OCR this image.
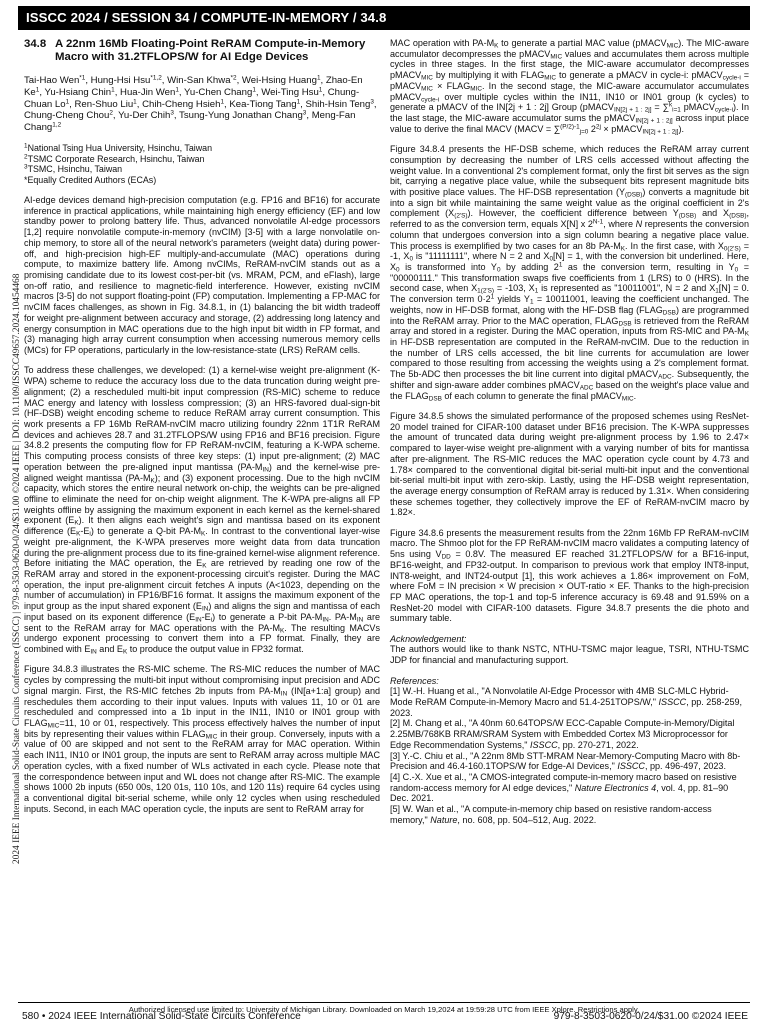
ISSCC 2024 / SESSION 34 / COMPUTE-IN-MEMORY / 34.8
2024 IEEE International Solid-State Circuits Conference (ISSCC) | 979-8-3503-0620-0/24/$31.00 ©2024 IEEE | DOI: 10.1109/ISSCC49657.2024.10454468
34.8 A 22nm 16Mb Floating-Point ReRAM Compute-in-Memory Macro with 31.2TFLOPS/W for AI Edge Devices
Tai-Hao Wen$^{*1}$, Hung-Hsi Hsu$^{*1,2}$, Win-San Khwa$^{*2}$, Wei-Hsing Huang$^1$, Zhao-En Ke$^1$, Yu-Hsiang Chin$^1$, Hua-Jin Wen$^1$, Yu-Chen Chang$^1$, Wei-Ting Hsu$^1$, Chung-Chuan Lo$^1$, Ren-Shuo Liu$^1$, Chih-Cheng Hsieh$^1$, Kea-Tiong Tang$^1$, Shih-Hsin Teng$^3$, Chung-Cheng Chou$^2$, Yu-Der Chih$^3$, Tsung-Yung Jonathan Chang$^3$, Meng-Fan Chang$^{1,2}$
$^1$National Tsing Hua University, Hsinchu, Taiwan
$^2$TSMC Corporate Research, Hsinchu, Taiwan
$^3$TSMC, Hsinchu, Taiwan
*Equally Credited Authors (ECAs)

AI-edge devices demand high-precision computation (e.g. FP16 and BF16) for accurate inference in practical applications, while maintaining high energy efficiency (EF) and low standby power to prolong battery life. Thus, advanced nonvolatile AI-edge processors [1,2] require nonvolatile compute-in-memory (nvCIM) [3-5] with a large nonvolatile on-chip memory, to store all of the neural network's parameters (weight data) during power-off, and high-precision high-EF multiply-and-accumulate (MAC) operations during compute, to maximize battery life. Among nvCIMs, ReRAM-nvCIM stands out as a promising candidate due to its lowest cost-per-bit (vs. MRAM, PCM, and eFlash), large on-off ratio, and resilience to magnetic-field interference. However, existing nvCIM macros [3-5] do not support floating-point (FP) computation. Implementing a FP-MAC for nvCIM faces challenges, as shown in Fig. 34.8.1, in (1) balancing the bit width tradeoff for weight pre-alignment between accuracy and storage, (2) addressing long latency and energy consumption in MAC operations due to the high input bit width in FP format, and (3) managing high array current consumption when accessing numerous memory cells (MCs) for FP operations, particularly in the low-resistance-state (LRS) ReRAM cells.

To address these challenges, we developed: (1) a kernel-wise weight pre-alignment (K-WPA) scheme to reduce the accuracy loss due to the data truncation during weight pre-alignment; (2) a rescheduled multi-bit input compression (RS-MIC) scheme to reduce MAC energy and latency with lossless compression; (3) an HRS-favored dual-sign-bit (HF-DSB) weight encoding scheme to reduce ReRAM array current consumption. This work presents a FP 16Mb ReRAM-nvCIM macro utilizing foundry 22nm 1T1R ReRAM devices and achieves 28.7 and 31.2TFLOPS/W using FP16 and BF16 precision. Figure 34.8.2 presents the computing flow for FP ReRAM-nvCIM, featuring a K-WPA scheme. This computing process consists of three key steps: (1) input pre-alignment; (2) MAC operation between the pre-aligned input mantissa $(PA-M_{IN})$ and the kernel-wise pre-aligned weight mantissa $(PA-M_K)$; and (3) exponent processing. Due to the high nvCIM capacity, which stores the entire neural network on-chip, the weights can be pre-aligned offline to eliminate the need for on-chip weight alignment. The K-WPA pre-aligns all FP weights offline by assigning the maximum exponent in each kernel as the kernel-shared exponent $(E_K)$. It then aligns each weight's sign and mantissa based on its exponent difference $(E_K-E_i)$ to generate a Q-bit $PA-M_K$. In contrast to the conventional layer-wise weight pre-alignment, the K-WPA preserves more weight data from data truncation during the pre-alignment process due to its fine-grained kernel-wise alignment reference. Before initiating the MAC operation, the $E_K$ are retrieved by reading one row of the ReRAM array and stored in the exponent-processing circuit's register. During the MAC operation, the input pre-alignment circuit fetches A inputs (A<1023, depending on the number of accumulation) in FP16/BF16 format. It assigns the maximum exponent of the input group as the input shared exponent $(E_{IN})$ and aligns the sign and mantissa of each input based on its exponent difference $(E_{IN}-E_i)$ to generate a P-bit $PA-M_{IN}$. $PA-M_{IN}$ are sent to the ReRAM array for MAC operations with the $PA-M_K$. The resulting MACVs undergo exponent processing to convert them into a FP format. Finally, they are combined with $E_{IN}$ and $E_K$ to produce the output value in FP32 format.

Figure 34.8.3 illustrates the RS-MIC scheme. The RS-MIC reduces the number of MAC cycles by compressing the multi-bit input without compromising input precision and ADC signal margin. First, the RS-MIC fetches 2b inputs from $PA-M_{IN}$ (IN[a+1:a] group) and reschedules them according to their input values. Inputs with values 11, 10 or 01 are rescheduled and compressed into a 1b input in the IN11, IN10 or IN01 group with $FLAG_{MIC}=11$, 10 or 01, respectively. This process effectively halves the number of input bits by representing their values within $FLAG_{MIC}$ in their group. Conversely, inputs with a value of 00 are skipped and not sent to the ReRAM array for MAC operation. Within each IN11, IN10 or IN01 group, the inputs are sent to ReRAM array across multiple MAC operation cycles, with a fixed number of WLs activated in each cycle. Please note that the correspondence between input and WL does not change after RS-MIC. The example shows 1000 2b inputs (650 00s, 120 01s, 110 10s, and 120 11s) require 64 cycles using a conventional digital bit-serial scheme, while only 12 cycles when using rescheduled inputs. Second, in each MAC operation cycle, the inputs are sent to ReRAM array for

MAC operation with $PA-M_K$ to generate a partial MAC value (pMACV$_{MIC}$). The MIC-aware accumulator decompresses the pMACV$_{MIC}$ values and accumulates them across multiple cycles in three stages. In the first stage, the MIC-aware accumulator decompresses pMACV$_{MIC}$ by multiplying it with $FLAG_{MIC}$ to generate a pMACV in cycle-i: pMACV$_{cycle-i}$ = pMACV$_{MIC}$ × $FLAG_{MIC}$. In the second stage, the MIC-aware accumulator accumulates pMACV$_{cycle-i}$ over multiple cycles within the IN11, IN10 or IN01 group (k cycles) to generate a pMACV of the IN[2j + 1 : 2j] Group (pMACV$_{IN[2j + 1 : 2j]}$ = ∑$^k_{i=1}$ pMACV$_{cycle-i}$). In the last stage, the MIC-aware accumulator sums the pMACV$_{IN[2j + 1 : 2j]}$ across input place value to derive the final MACV (MACV = ∑$^{(P/2)-1}_{j=0}$ $2^{2j}$ × pMACV$_{IN[2j + 1 : 2j]}$).

Figure 34.8.4 presents the HF-DSB scheme, which reduces the ReRAM array current consumption by decreasing the number of LRS cells accessed without affecting the weight value. In a conventional 2's complement format, only the first bit serves as the sign bit, carrying a negative place value, while the subsequent bits represent magnitude bits with positive place values. The HF-DSB representation $(Y_{(DSB)})$ converts a magnitude bit into a sign bit while maintaining the same weight value as the original coefficient in 2's complement $(X_{(2'S)})$. However, the coefficient difference between $Y_{(DSB)}$ and $X_{(DSB)}$, referred to as the conversion term, equals X[N] x $2^{N-1}$, where N represents the conversion column that undergoes conversion into a sign column bearing a negative place value. This process is exemplified by two cases for an 8b $PA-M_K$. In the first case, with $X_{0(2'S)} = -1$, $X_0$ is "11111111", where N = 2 and $X_0[N] = 1$, with the conversion bit underlined. Here, $X_0$ is transformed into $Y_0$ by adding $2^1$ as the conversion term, resulting in $Y_0$ = "00000111." This transformation swaps five coefficients from 1 (LRS) to 0 (HRS). In the second case, when $X_{1(2'S)} = -103$, $X_1$ is represented as "10011001", N = 2 and $X_1[N] = 0$. The conversion term $0\cdot 2^1$ yields $Y_1 = 10011001$, leaving the coefficient unchanged. The weights, now in HF-DSB format, along with the HF-DSB flag $(FLAG_{DSB})$ are programmed into the ReRAM array. Prior to the MAC operation, $FLAG_{DSB}$ is retrieved from the ReRAM array and stored in a register. During the MAC operation, inputs from RS-MIC and $PA-M_K$ in HF-DSB representation are computed in the ReRAM-nvCIM. Due to the reduction in the number of LRS cells accessed, the bit line currents for accumulation are lower compared to those resulting from accessing the weights using a 2's complement format. The 5b-ADC then processes the bit line current into digital pMACV$_{ADC}$. Subsequently, the shifter and sign-aware adder combines pMACV$_{ADC}$ based on the weight's place value and the $FLAG_{DSB}$ of each column to generate the final pMACV$_{MIC}$.

Figure 34.8.5 shows the simulated performance of the proposed schemes using ResNet-20 model trained for CIFAR-100 dataset under BF16 precision. The K-WPA suppresses the amount of truncated data during weight pre-alignment process by 1.96 to 2.47× compared to layer-wise weight pre-alignment with a varying number of bits for mantissa after pre-alignment. The RS-MIC reduces the MAC operation cycle count by 4.73 and 1.78× compared to the conventional digital bit-serial multi-bit input and the conventional bit-serial multi-bit input with zero-skip. Lastly, using the HF-DSB weight representation, the average energy consumption of ReRAM array is reduced by 1.31×. When considering these schemes together, they collectively improve the EF of ReRAM-nvCIM macro by 1.82×.

Figure 34.8.6 presents the measurement results from the 22nm 16Mb FP ReRAM-nvCIM macro. The Shmoo plot for the FP ReRAM-nvCIM macro validates a computing latency of 5ns using $V_{DD} = 0.8V$. The measured EF reached 31.2TFLOPS/W for a BF16-input, BF16-weight, and FP32-output. In comparison to previous work that employ INT8-input, INT8-weight, and INT24-output [1], this work achieves a 1.86× improvement on FoM, where FoM = IN precision × W precision × OUT-ratio × EF. Thanks to the high-precision FP MAC operations, the top-1 and top-5 inference accuracy is 69.48 and 91.59% on a ResNet-20 model with CIFAR-100 datasets. Figure 34.8.7 presents the die photo and summary table.

Acknowledgement:
The authors would like to thank NSTC, NTHU-TSMC major league, TSRI, NTHU-TSMC JDP for financial and manufacturing support.
References:
[1] W.-H. Huang et al., "A Nonvolatile Al-Edge Processor with 4MB SLC-MLC Hybrid-Mode ReRAM Compute-in-Memory Macro and 51.4-251TOPS/W," ISSCC, pp. 258-259, 2023.
[2] M. Chang et al., "A 40nm 60.64TOPS/W ECC-Capable Compute-in-Memory/Digital 2.25MB/768KB RRAM/SRAM System with Embedded Cortex M3 Microprocessor for Edge Recommendation Systems," ISSCC, pp. 270-271, 2022.
[3] Y.-C. Chiu et al., "A 22nm 8Mb STT-MRAM Near-Memory-Computing Macro with 8b-Precision and 46.4-160.1TOPS/W for Edge-AI Devices," ISSCC, pp. 496-497, 2023.
[4] C.-X. Xue et al., "A CMOS-integrated compute-in-memory macro based on resistive random-access memory for AI edge devices," Nature Electronics 4, vol. 4, pp. 81–90 Dec. 2021.
[5] W. Wan et al., "A compute-in-memory chip based on resistive random-access memory," Nature, no. 608, pp. 504–512, Aug. 2022.
Authorized licensed use limited to: University of Michigan Library. Downloaded on March 19,2024 at 19:59:28 UTC from IEEE Xplore. Restrictions apply.
580 • 2024 IEEE International Solid-State Circuits Conference	979-8-3503-0620-0/24/$31.00 ©2024 IEEE
